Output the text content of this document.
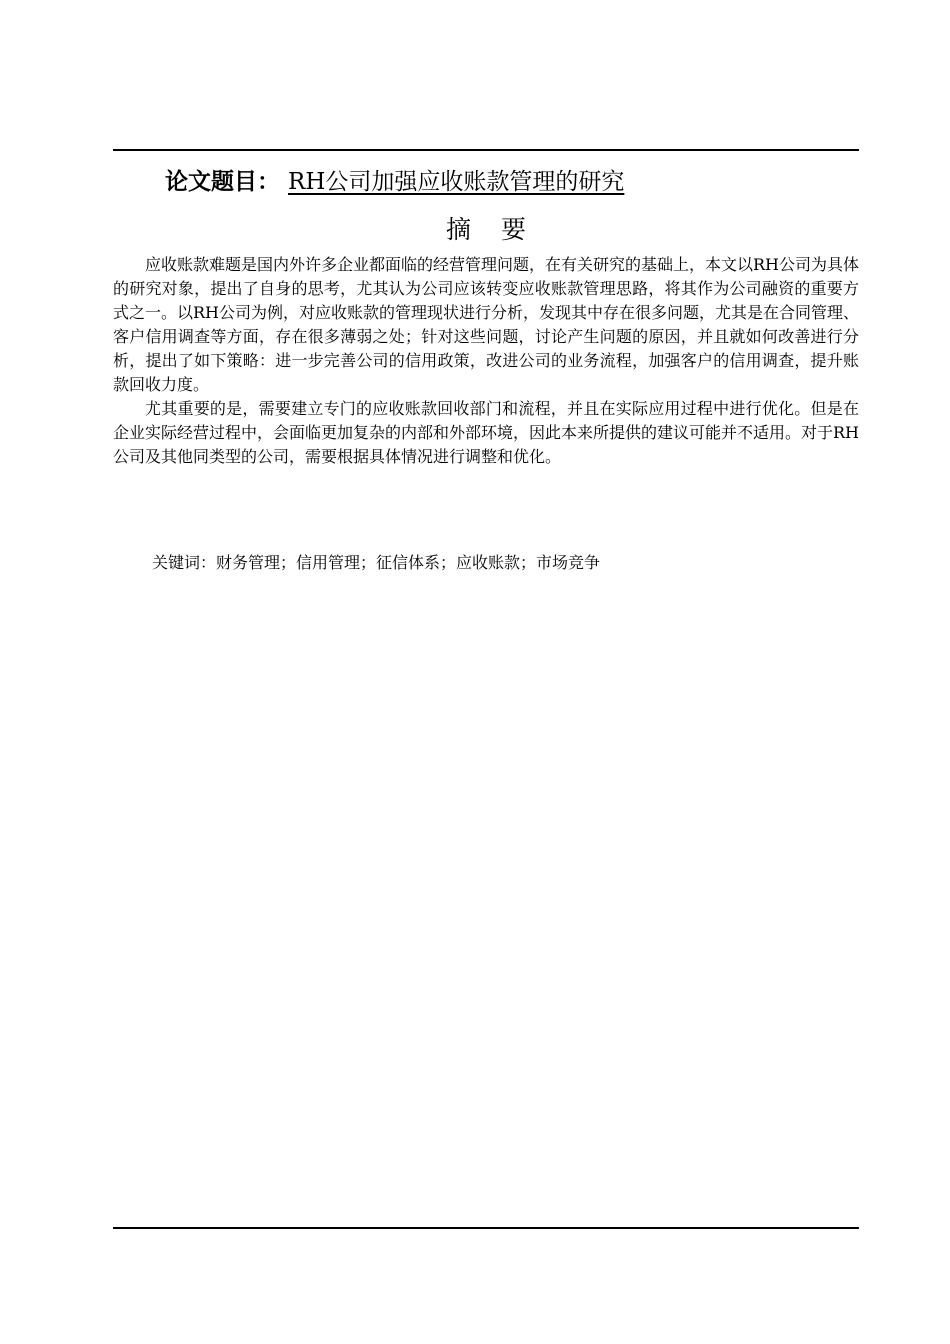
论文题目： RH公司加强应收账款管理的研究
摘要

应收账款难题是国内外许多企业都面临的经营管理问题，在有关研究的基础上，本文以RH公司为具体的研究对象，提出了自身的思考，尤其认为公司应该转变应收账款管理思路，将其作为公司融资的重要方式之一。以RH公司为例，对应收账款的管理现状进行分析，发现其中存在很多问题，尤其是在合同管理、客户信用调查等方面，存在很多薄弱之处；针对这些问题，讨论产生问题的原因，并且就如何改善进行分析，提出了如下策略：进一步完善公司的信用政策，改进公司的业务流程，加强客户的信用调查，提升账款回收力度。

尤其重要的是，需要建立专门的应收账款回收部门和流程，并且在实际应用过程中进行优化。但是在企业实际经营过程中，会面临更加复杂的内部和外部环境，因此本来所提供的建议可能并不适用。对于RH公司及其他同类型的公司，需要根据具体情况进行调整和优化。

关键词：财务管理；信用管理；征信体系；应收账款；市场竞争
